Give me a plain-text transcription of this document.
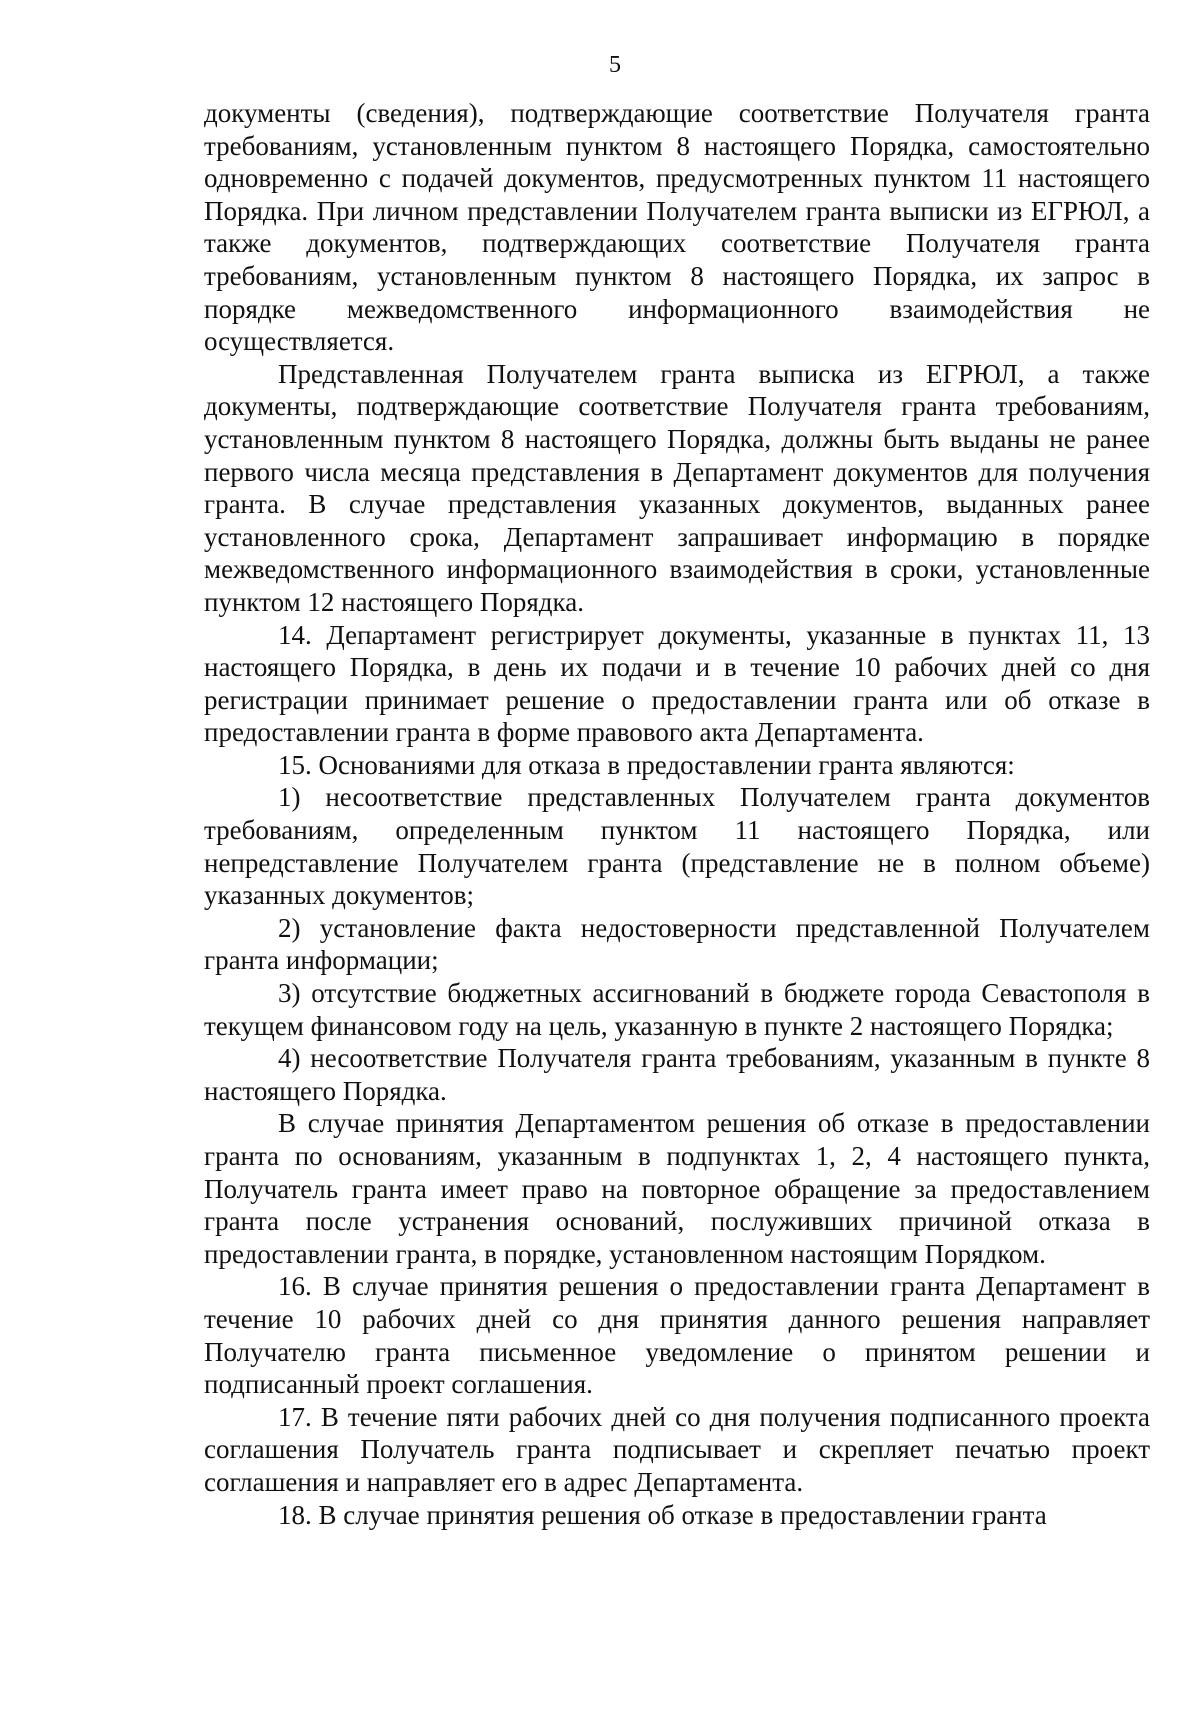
5

документы (сведения), подтверждающие соответствие Получателя гранта требованиям, установленным пунктом 8 настоящего Порядка, самостоятельно одновременно с подачей документов, предусмотренных пунктом 11 настоящего Порядка. При личном представлении Получателем гранта выписки из ЕГРЮЛ, а также документов, подтверждающих соответствие Получателя гранта требованиям, установленным пунктом 8 настоящего Порядка, их запрос в порядке межведомственного информационного взаимодействия не осуществляется.

Представленная Получателем гранта выписка из ЕГРЮЛ, а также документы, подтверждающие соответствие Получателя гранта требованиям, установленным пунктом 8 настоящего Порядка, должны быть выданы не ранее первого числа месяца представления в Департамент документов для получения гранта. В случае представления указанных документов, выданных ранее установленного срока, Департамент запрашивает информацию в порядке межведомственного информационного взаимодействия в сроки, установленные пунктом 12 настоящего Порядка.

14. Департамент регистрирует документы, указанные в пунктах 11, 13 настоящего Порядка, в день их подачи и в течение 10 рабочих дней со дня регистрации принимает решение о предоставлении гранта или об отказе в предоставлении гранта в форме правового акта Департамента.

15. Основаниями для отказа в предоставлении гранта являются:

1) несоответствие представленных Получателем гранта документов требованиям, определенным пунктом 11 настоящего Порядка, или непредставление Получателем гранта (представление не в полном объеме) указанных документов;

2) установление факта недостоверности представленной Получателем гранта информации;

3) отсутствие бюджетных ассигнований в бюджете города Севастополя в текущем финансовом году на цель, указанную в пункте 2 настоящего Порядка;

4) несоответствие Получателя гранта требованиям, указанным в пункте 8 настоящего Порядка.

В случае принятия Департаментом решения об отказе в предоставлении гранта по основаниям, указанным в подпунктах 1, 2, 4 настоящего пункта, Получатель гранта имеет право на повторное обращение за предоставлением гранта после устранения оснований, послуживших причиной отказа в предоставлении гранта, в порядке, установленном настоящим Порядком.

16. В случае принятия решения о предоставлении гранта Департамент в течение 10 рабочих дней со дня принятия данного решения направляет Получателю гранта письменное уведомление о принятом решении и подписанный проект соглашения.

17. В течение пяти рабочих дней со дня получения подписанного проекта соглашения Получатель гранта подписывает и скрепляет печатью проект соглашения и направляет его в адрес Департамента.

18. В случае принятия решения об отказе в предоставлении гранта
